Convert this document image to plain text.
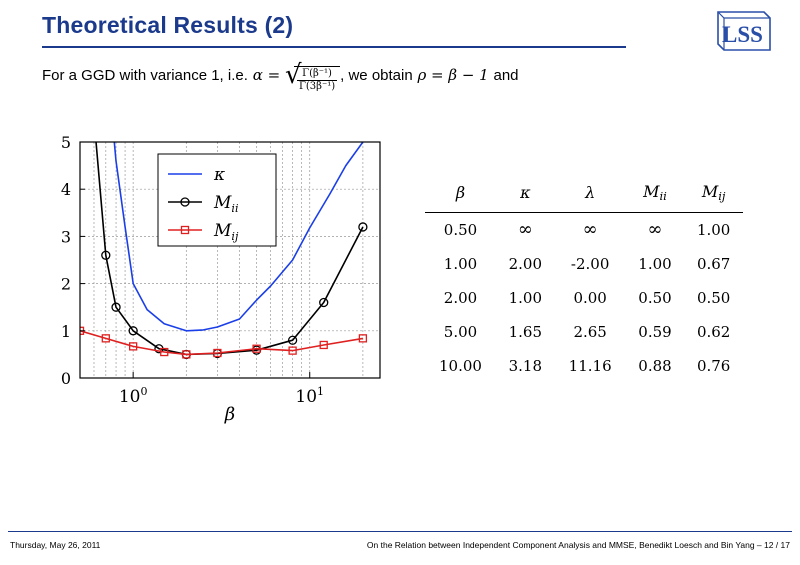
Theoretical Results (2)	LSS
For a GGD with variance 1, i.e. α = √ $\frac{\text{Γ(β⁻¹)}}{\text{Γ(3β⁻¹)}}$ , we obtain ρ = β − 1 and
0
1
2
3
4
5
$10^0$	$10^1$
κ
$M_{ii}$
$M_{ij}$
β
β	κ	λ	$M_{ii}$	$M_{ij}$
0.50	∞	∞	∞	1.00
1.00	2.00	-2.00	1.00	0.67
2.00	1.00	0.00	0.50	0.50
5.00	1.65	2.65	0.59	0.62
10.00	3.18	11.16	0.88	0.76
Thursday, May 26, 2011	On the Relation between Independent Component Analysis and MMSE, Benedikt Loesch and Bin Yang – 12 / 17
